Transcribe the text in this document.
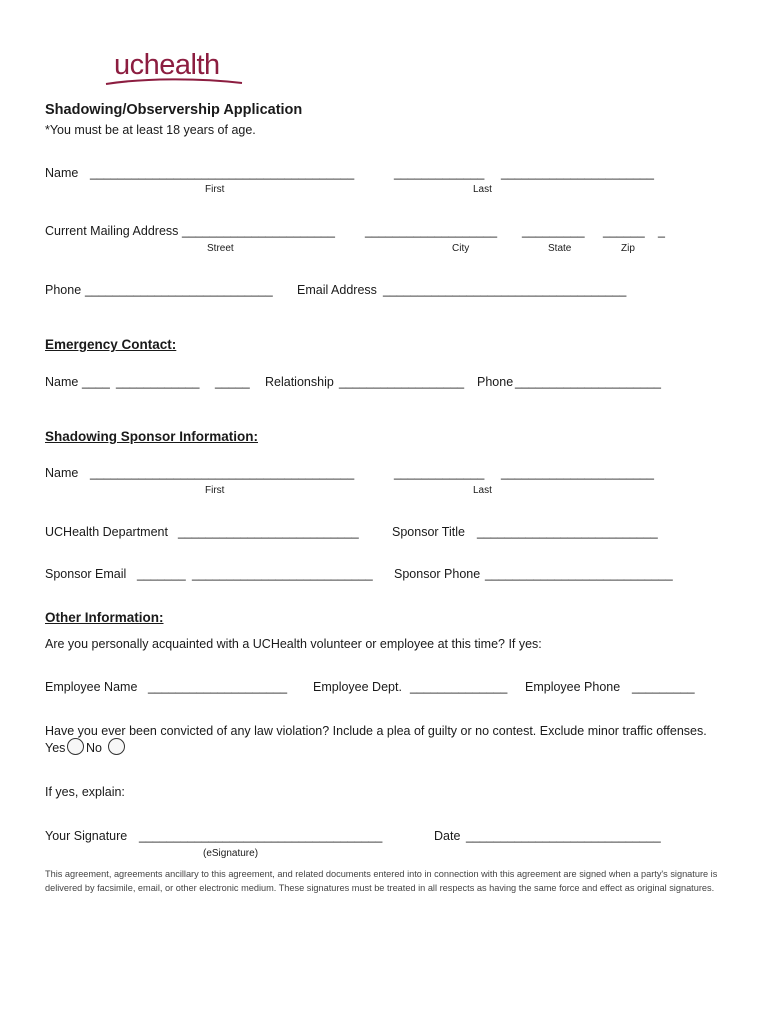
uchealth
Shadowing/Observership Application
*You must be at least 18 years of age.
Name ______________________________________	_____________ ______________________
First	Last
Current Mailing Address ______________________ ___________________ _________ ______ _
Street	City	State	Zip
Phone ___________________________ Email Address ___________________________________
Emergency Contact:
Name ____ ____________ _____ Relationship __________________ Phone _____________________
Shadowing Sponsor Information:
Name ______________________________________	_____________ ______________________
First	Last
UCHealth Department __________________________	Sponsor Title __________________________
Sponsor Email _______ __________________________ Sponsor Phone ___________________________
Other Information:
Are you personally acquainted with a UCHealth volunteer or employee at this time? If yes:
Employee Name ____________________ Employee Dept. ______________ Employee Phone _________
Have you ever been convicted of any law violation? Include a plea of guilty or no contest. Exclude minor traffic offenses.
Yes No
If yes, explain:
Your Signature ___________________________________	Date ____________________________
(eSignature)
This agreement, agreements ancillary to this agreement, and related documents entered into in connection with this agreement are signed when a party's signature is delivered by facsimile, email, or other electronic medium. These signatures must be treated in all respects as having the same force and effect as original signatures.
